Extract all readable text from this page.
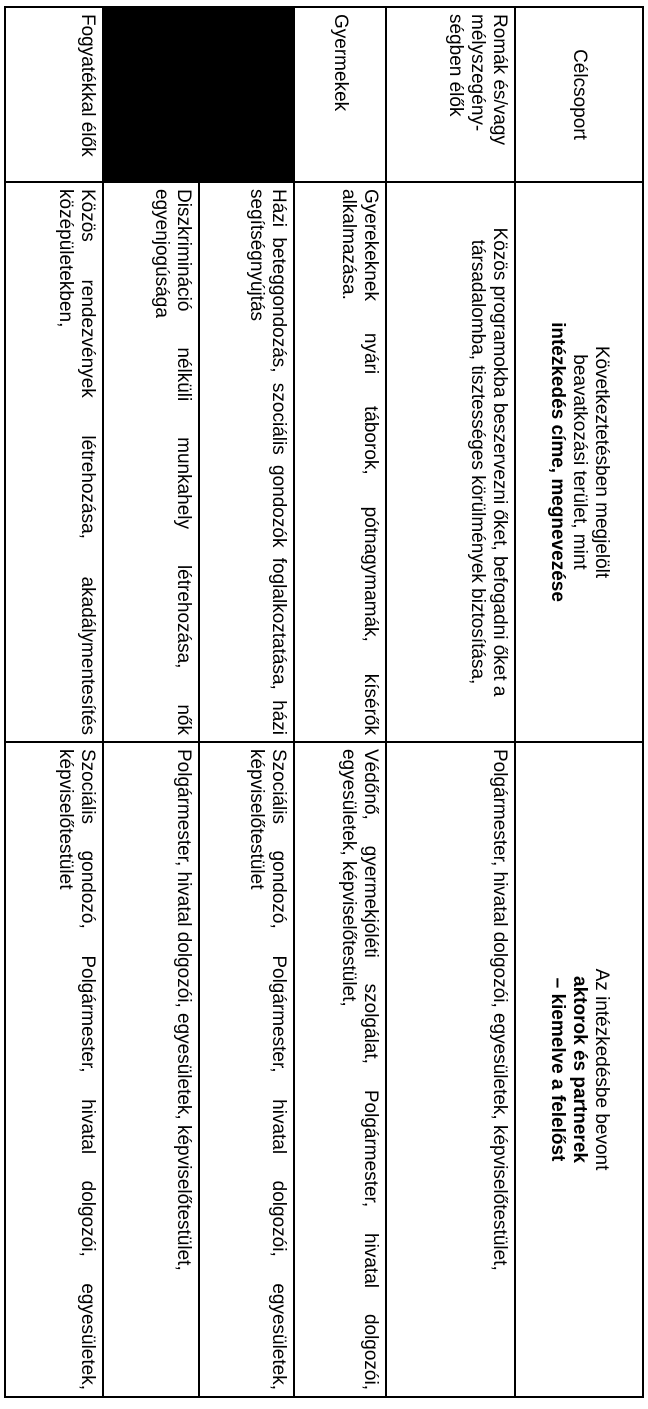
Célcsoport	Következtetésben megjelölt
beavatkozási terület, mint
intézkedés címe, megnevezése	Az intézkedésbe bevont
aktorok és partnerek
– kiemelve a felelőst

Romák és/vagy mélyszegény-ségben élők	Közös programokba beszervezni őket, befogadni őket a társadalomba, tisztességes körülmények biztosítása,	Polgármester, hivatal dolgozói, egyesületek, képviselőtestület,
Gyermekek	Gyerekeknek nyári táborok, pótnagymamák, kísérők alkalmazása.	Védőnő, gyermekjóléti szolgálat, Polgármester, hivatal dolgozói, egyesületek, képviselőtestület,
	Házi beteggondozás, szociális gondozók foglalkoztatása, házi segítségnyújtás	Szociális gondozó, Polgármester, hivatal dolgozói, egyesületek, képviselőtestület
	Diszkrimináció nélküli munkahely létrehozása, nők egyenjogúsága	Polgármester, hivatal dolgozói, egyesületek, képviselőtestület,
Fogyatékkal élők	Közös rendezvények létrehozása, akadálymentesítés középületekben,	Szociális gondozó, Polgármester, hivatal dolgozói, egyesületek, képviselőtestület
